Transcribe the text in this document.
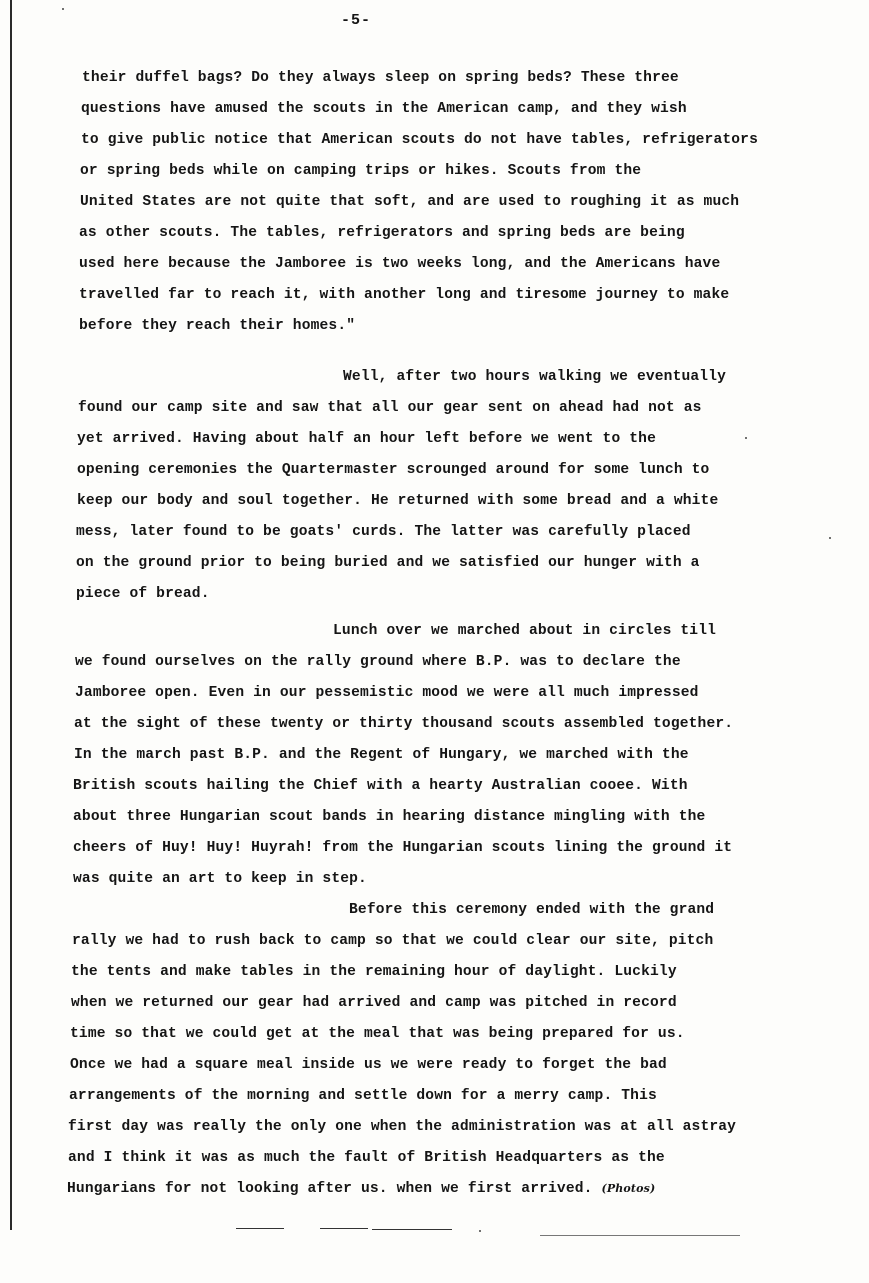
-5-
their duffel bags? Do they always sleep on spring beds? These three
questions have amused the scouts in the American camp, and they wish
to give public notice that American scouts do not have tables, refrigerators
or spring beds while on camping trips or hikes. Scouts from the
United States are not quite that soft, and are used to roughing it as much
as other scouts. The tables, refrigerators and spring beds are being
used here because the Jamboree is two weeks long, and the Americans have
travelled far to reach it, with another long and tiresome journey to make
before they reach their homes."
Well, after two hours walking we eventually
found our camp site and saw that all our gear sent on ahead had not as
yet arrived. Having about half an hour left before we went to the
opening ceremonies the Quartermaster scrounged around for some lunch to
keep our body and soul together. He returned with some bread and a white
mess, later found to be goats' curds. The latter was carefully placed
on the ground prior to being buried and we satisfied our hunger with a
piece of bread.
Lunch over we marched about in circles till
we found ourselves on the rally ground where B.P. was to declare the
Jamboree open. Even in our pessemistic mood we were all much impressed
at the sight of these twenty or thirty thousand scouts assembled together.
In the march past B.P. and the Regent of Hungary, we marched with the
British scouts hailing the Chief with a hearty Australian cooee. With
about three Hungarian scout bands in hearing distance mingling with the
cheers of Huy! Huy! Huyrah! from the Hungarian scouts lining the ground it
was quite an art to keep in step.
Before this ceremony ended with the grand
rally we had to rush back to camp so that we could clear our site, pitch
the tents and make tables in the remaining hour of daylight. Luckily
when we returned our gear had arrived and camp was pitched in record
time so that we could get at the meal that was being prepared for us.
Once we had a square meal inside us we were ready to forget the bad
arrangements of the morning and settle down for a merry camp. This
first day was really the only one when the administration was at all astray
and I think it was as much the fault of British Headquarters as the
Hungarians for not looking after us. when we first arrived. (Photos)
